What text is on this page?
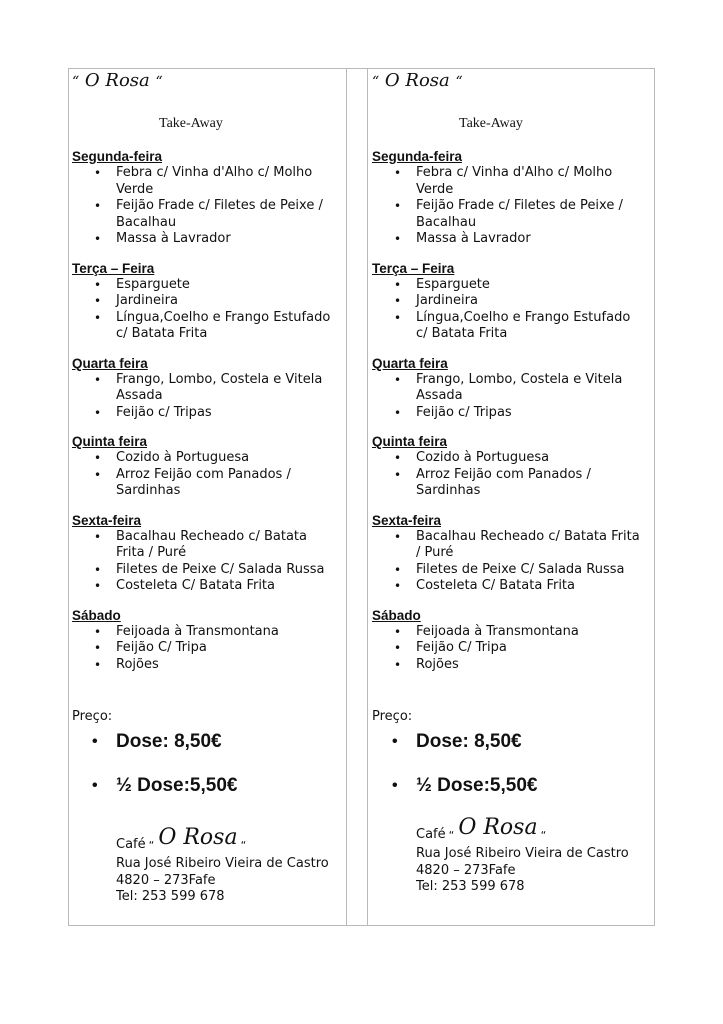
“ O Rosa “
Take-Away
Segunda-feira
• Febra c/ Vinha d'Alho c/ Molho
Verde
• Feijão Frade c/ Filetes de Peixe /
Bacalhau
• Massa à Lavrador
Terça – Feira
• Esparguete
• Jardineira
• Língua,Coelho e Frango Estufado
c/ Batata Frita
Quarta feira
• Frango, Lombo, Costela e Vitela
Assada
• Feijão c/ Tripas
Quinta feira
• Cozido à Portuguesa
• Arroz Feijão com Panados /
Sardinhas
Sexta-feira
• Bacalhau Recheado c/ Batata
Frita / Puré
• Filetes de Peixe C/ Salada Russa
• Costeleta C/ Batata Frita
Sábado
• Feijoada à Transmontana
• Feijão C/ Tripa
• Rojões
Preço:
• Dose: 8,50€
• ½ Dose:5,50€
Café “ O Rosa “
Rua José Ribeiro Vieira de Castro
4820 – 273Fafe
Tel: 253 599 678
“ O Rosa “
Take-Away
Segunda-feira
• Febra c/ Vinha d'Alho c/ Molho
Verde
• Feijão Frade c/ Filetes de Peixe /
Bacalhau
• Massa à Lavrador
Terça – Feira
• Esparguete
• Jardineira
• Língua,Coelho e Frango Estufado
c/ Batata Frita
Quarta feira
• Frango, Lombo, Costela e Vitela
Assada
• Feijão c/ Tripas
Quinta feira
• Cozido à Portuguesa
• Arroz Feijão com Panados /
Sardinhas
Sexta-feira
• Bacalhau Recheado c/ Batata Frita
/ Puré
• Filetes de Peixe C/ Salada Russa
• Costeleta C/ Batata Frita
Sábado
• Feijoada à Transmontana
• Feijão C/ Tripa
• Rojões
Preço:
• Dose: 8,50€
• ½ Dose:5,50€
Café “ O Rosa “
Rua José Ribeiro Vieira de Castro
4820 – 273Fafe
Tel: 253 599 678
